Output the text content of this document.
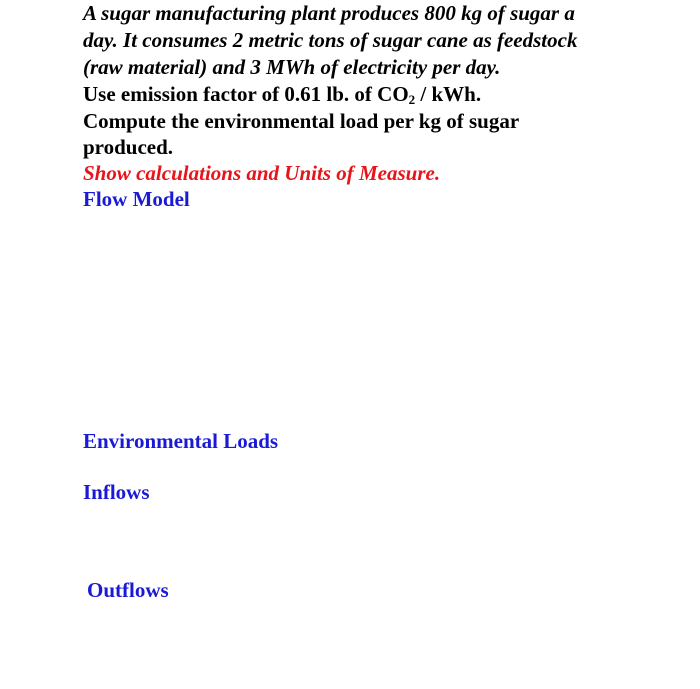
A sugar manufacturing plant produces 800 kg of sugar a
day. It consumes 2 metric tons of sugar cane as feedstock
(raw material) and 3 MWh of electricity per day.
Use emission factor of 0.61 lb. of $CO_2$ / kWh.
Compute the environmental load per kg of sugar
produced.
Show calculations and Units of Measure.
Flow Model
Environmental Loads
Inflows
Outflows
